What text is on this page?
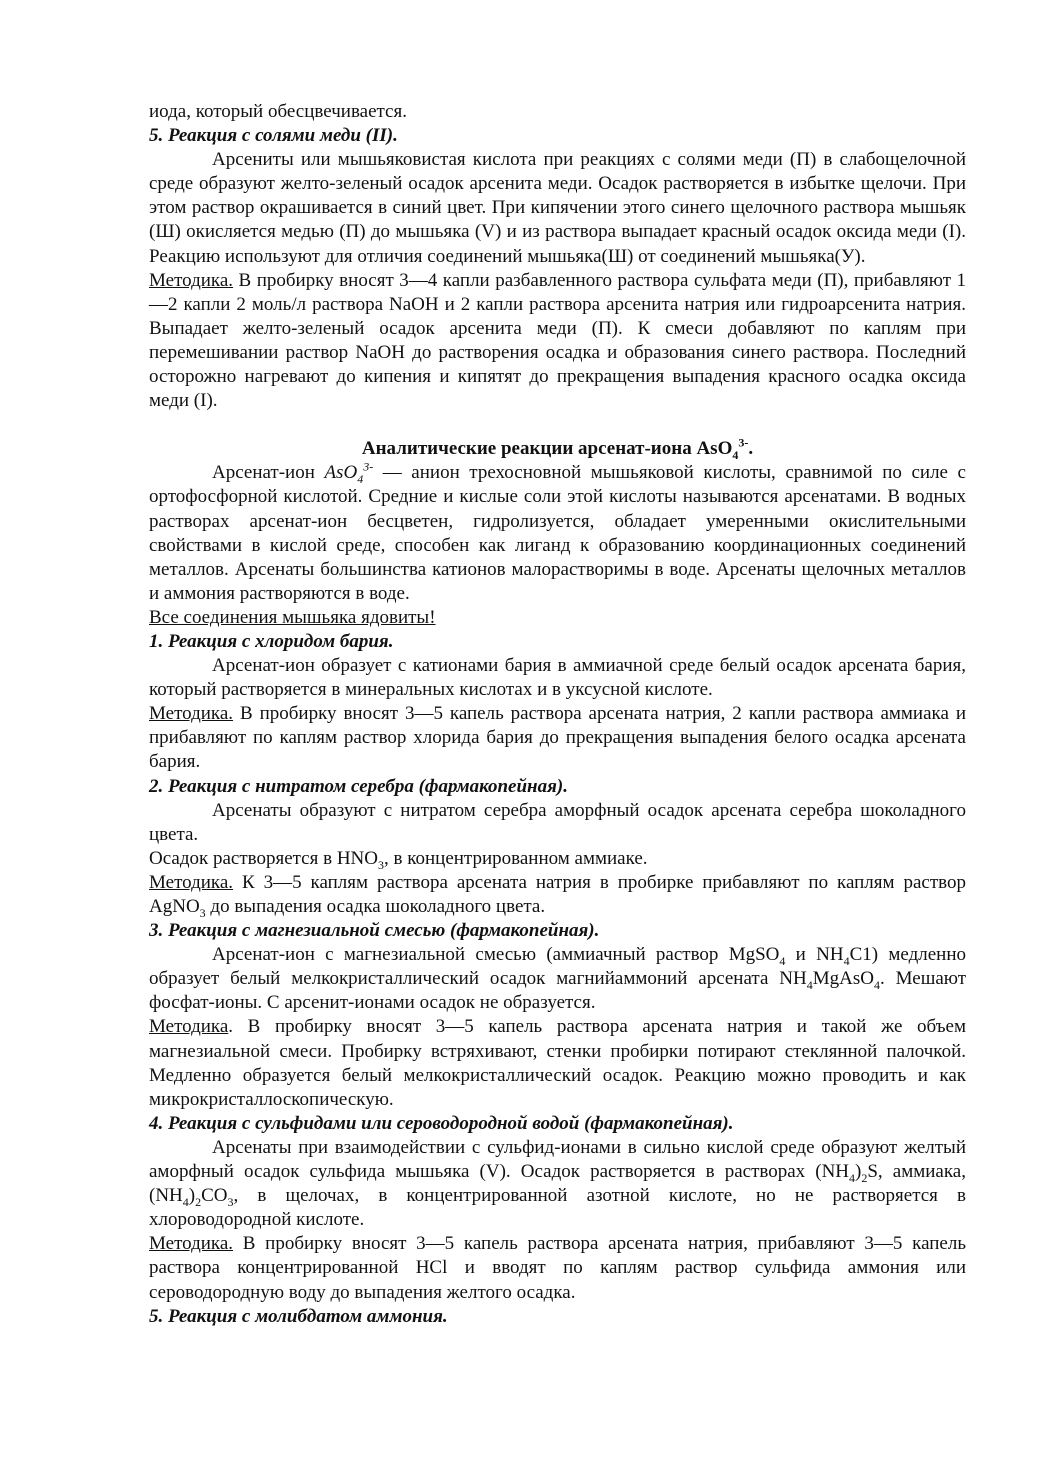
иода, который обесцвечивается.

5. Реакция с солями меди (II).

Арсениты или мышьяковистая кислота при реакциях с солями меди (П) в слабощелочной среде образуют желто-зеленый осадок арсенита меди. Осадок растворяется в избытке щелочи. При этом раствор окрашивается в синий цвет. При кипячении этого синего щелочного раствора мышьяк (Ш) окисляется медью (П) до мышьяка (V) и из раствора выпадает красный осадок оксида меди (I). Реакцию используют для отличия соединений мышьяка(Ш) от соединений мышьяка(У).

Методика. В пробирку вносят 3—4 капли разбавленного раствора сульфата меди (П), прибавляют 1—2 капли 2 моль/л раствора NaOH и 2 капли раствора арсенита натрия или гидроарсенита натрия. Выпадает желто-зеленый осадок арсенита меди (П). К смеси добавляют по каплям при перемешивании раствор NaOH до растворения осадка и образования синего раствора. Последний осторожно нагревают до кипения и кипятят до прекращения выпадения красного осадка оксида меди (I).

Аналитические реакции арсенат-иона AsO$_4^{3-}$.

Арсенат-ион AsO$_4^{3-}$ — анион трехосновной мышьяковой кислоты, сравнимой по силе с ортофосфорной кислотой. Средние и кислые соли этой кислоты называются арсенатами. В водных растворах арсенат-ион бесцветен, гидролизуется, обладает умеренными окислительными свойствами в кислой среде, способен как лиганд к образованию координационных соединений металлов. Арсенаты большинства катионов малорастворимы в воде. Арсенаты щелочных металлов и аммония растворяются в воде.

Все соединения мышьяка ядовиты!

1. Реакция с хлоридом бария.

Арсенат-ион образует с катионами бария в аммиачной среде белый осадок арсената бария, который растворяется в минеральных кислотах и в уксусной кислоте.

Методика. В пробирку вносят 3—5 капель раствора арсената натрия, 2 капли раствора аммиака и прибавляют по каплям раствор хлорида бария до прекращения выпадения белого осадка арсената бария.

2. Реакция с нитратом серебра (фармакопейная).

Арсенаты образуют с нитратом серебра аморфный осадок арсената серебра шоколадного цвета.

Осадок растворяется в $HNO_3$, в концентрированном аммиаке.

Методика. К 3—5 каплям раствора арсената натрия в пробирке прибавляют по каплям раствор AgNO$_3$ до выпадения осадка шоколадного цвета.

3. Реакция с магнезиальной смесью (фармакопейная).

Арсенат-ион с магнезиальной смесью (аммиачный раствор MgSO$_4$ и $NH_4C1$) медленно образует белый мелкокристаллический осадок магнийаммоний арсената $NH_4MgAsO_4$. Мешают фосфат-ионы. С арсенит-ионами осадок не образуется.

Методика. В пробирку вносят 3—5 капель раствора арсената натрия и такой же объем магнезиальной смеси. Пробирку встряхивают, стенки пробирки потирают стеклянной палочкой. Медленно образуется белый мелкокристаллический осадок. Реакцию можно проводить и как микрокристаллоскопическую.

4. Реакция с сульфидами или сероводородной водой (фармакопейная).

Арсенаты при взаимодействии с сульфид-ионами в сильно кислой среде образуют желтый аморфный осадок сульфида мышьяка (V). Осадок растворяется в растворах $(NH_4)_2S$, аммиака, $(NH_4)_2CO_3$, в щелочах, в концентрированной азотной кислоте, но не растворяется в хлороводородной кислоте.

Методика. В пробирку вносят 3—5 капель раствора арсената натрия, прибавляют 3—5 капель раствора концентрированной HCl и вводят по каплям раствор сульфида аммония или сероводородную воду до выпадения желтого осадка.

5. Реакция с молибдатом аммония.
